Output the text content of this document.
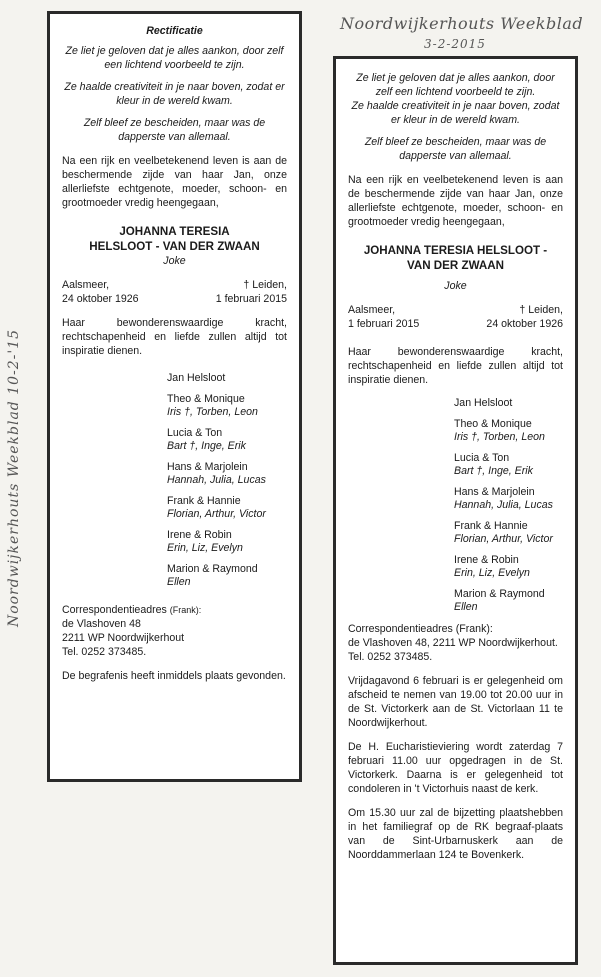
Noordwijkerhouts Weekblad 10-2-'15
Noordwijkerhouts Weekblad
3-2-2015
Rectificatie
Ze liet je geloven dat je alles aankon, door zelf een lichtend voorbeeld te zijn.
Ze haalde creativiteit in je naar boven, zodat er kleur in de wereld kwam.
Zelf bleef ze bescheiden, maar was de dapperste van allemaal.
Na een rijk en veelbetekenend leven is aan de beschermende zijde van haar Jan, onze allerliefste echtgenote, moeder, schoon- en grootmoeder vredig heengegaan,
JOHANNA TERESIA
HELSLOOT - VAN DER ZWAAN
Joke
Aalsmeer,	† Leiden,
24 oktober 1926	1 februari 2015
Haar bewonderenswaardige kracht, rechtschapenheid en liefde zullen altijd tot inspiratie dienen.
Jan Helsloot
Theo & Monique
Iris †, Torben, Leon
Lucia & Ton
Bart †, Inge, Erik
Hans & Marjolein
Hannah, Julia, Lucas
Frank & Hannie
Florian, Arthur, Victor
Irene & Robin
Erin, Liz, Evelyn
Marion & Raymond
Ellen
Correspondentieadres (Frank):
de Vlashoven 48
2211 WP Noordwijkerhout
Tel. 0252 373485.
De begrafenis heeft inmiddels plaats gevonden.
Ze liet je geloven dat je alles aankon, door zelf een lichtend voorbeeld te zijn.
Ze haalde creativiteit in je naar boven, zodat er kleur in de wereld kwam.
Zelf bleef ze bescheiden, maar was de dapperste van allemaal.
Na een rijk en veelbetekenend leven is aan de beschermende zijde van haar Jan, onze allerliefste echtgenote, moeder, schoon- en grootmoeder vredig heengegaan,
JOHANNA TERESIA HELSLOOT -
VAN DER ZWAAN
Joke
Aalsmeer,	† Leiden,
1 februari 2015	24 oktober 1926
Haar bewonderenswaardige kracht, rechtschapenheid en liefde zullen altijd tot inspiratie dienen.
Jan Helsloot
Theo & Monique
Iris †, Torben, Leon
Lucia & Ton
Bart †, Inge, Erik
Hans & Marjolein
Hannah, Julia, Lucas
Frank & Hannie
Florian, Arthur, Victor
Irene & Robin
Erin, Liz, Evelyn
Marion & Raymond
Ellen
Correspondentieadres (Frank):
de Vlashoven 48, 2211 WP Noordwijkerhout.
Tel. 0252 373485.
Vrijdagavond 6 februari is er gelegenheid om afscheid te nemen van 19.00 tot 20.00 uur in de St. Victorkerk aan de St. Victorlaan 11 te Noordwijkerhout.
De H. Eucharistieviering wordt zaterdag 7 februari 11.00 uur opgedragen in de St. Victorkerk. Daarna is er gelegenheid tot condoleren in 't Victorhuis naast de kerk.
Om 15.30 uur zal de bijzetting plaatshebben in het familiegraf op de RK begraaf-plaats van de Sint-Urbarnuskerk aan de Noorddammerlaan 124 te Bovenkerk.
